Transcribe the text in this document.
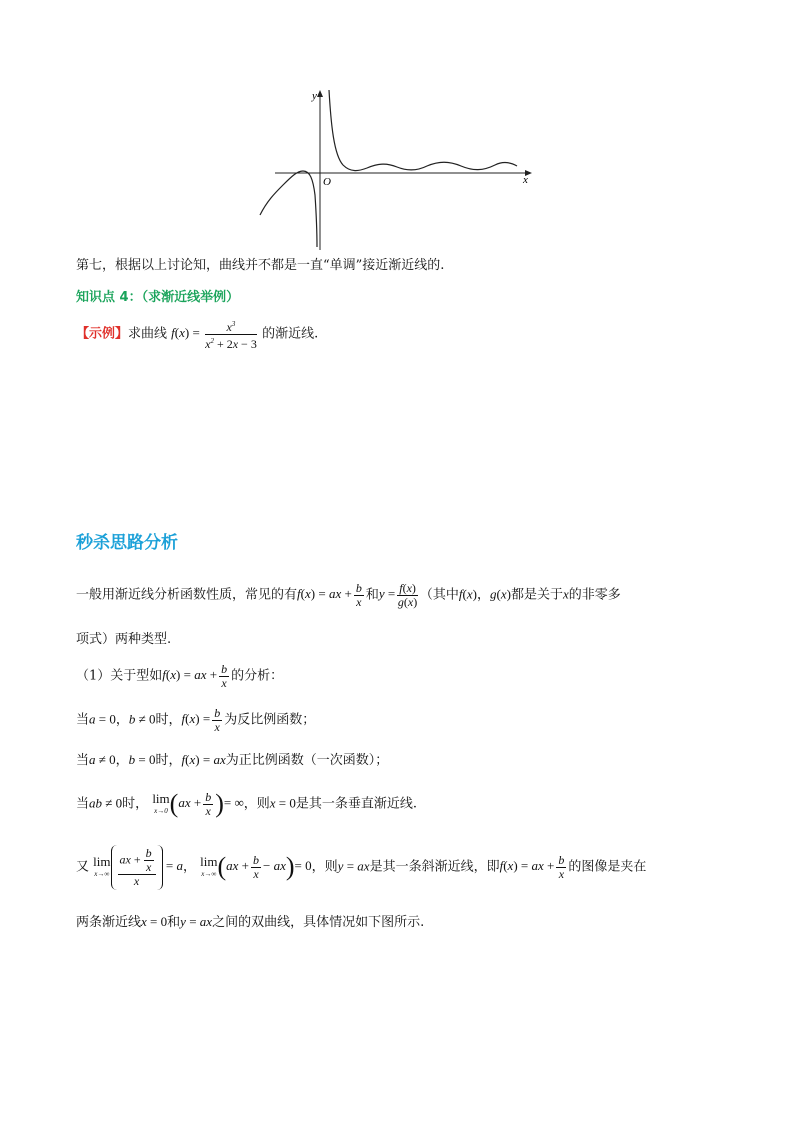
y
x
O
第七，根据以上讨论知，曲线并不都是一直“单调”接近渐近线的.
知识点 4：（求渐近线举例）
【示例】求曲线 $f(x) = \frac{x^3}{x^2 + 2x - 3}$ 的渐近线.
秒杀思路分析
一般用渐近线分析函数性质，常见的有f(x) = ax + $\frac{b}{x}$ 和$y = \frac{f(x)}{g(x)}$ （其中f(x)，g(x)都是关于x的非零多
项式）两种类型.
（1）关于型如f(x) = ax + $\frac{b}{x}$ 的分析：
当a = 0，b ≠ 0时，$f(x) = \frac{b}{x}$ 为反比例函数；
当a ≠ 0，b = 0时，f(x) = ax为正比例函数（一次函数）；
当ab ≠ 0时， lim
x→0 ($ax + \frac{b}{x}$ )= ∞，则x = 0是其一条垂直渐近线.
又 lim
$x\to\infty \frac{ax + \frac{b}{x}}{x} = a$， lim
x→∞ $(ax + \frac{b}{x} - ax)= 0$，则y = ax是其一条斜渐近线，即f(x) = ax + $\frac{b}{x}$ 的图像是夹在
两条渐近线x = 0和y = ax之间的双曲线，具体情况如下图所示.
